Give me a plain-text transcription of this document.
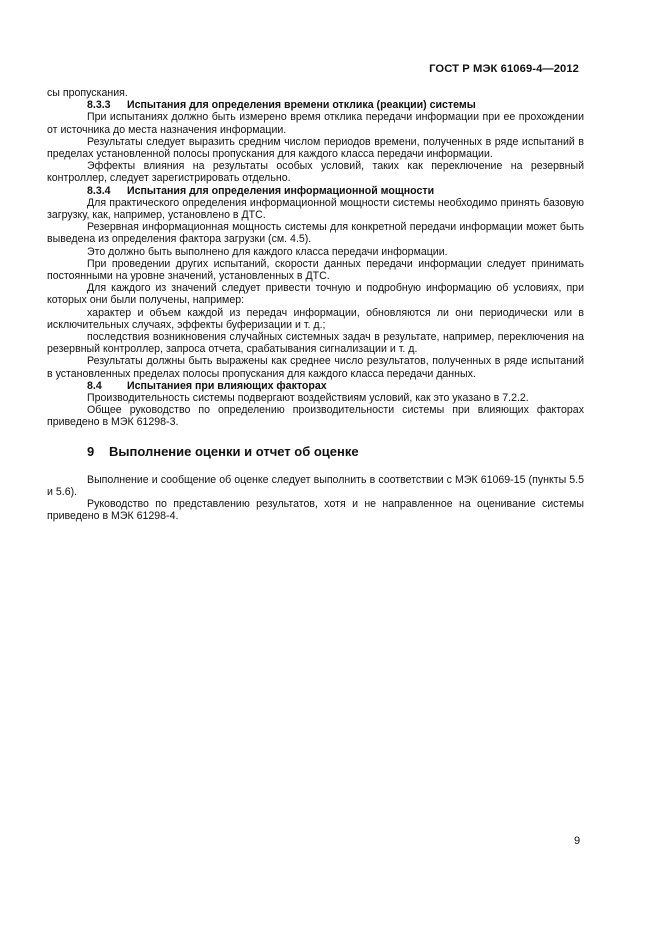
ГОСТ Р МЭК 61069-4—2012

сы пропускания.

8.3.3 Испытания для определения времени отклика (реакции) системы

При испытаниях должно быть измерено время отклика передачи информации при ее прохождении от источника до места назначения информации.

Результаты следует выразить средним числом периодов времени, полученных в ряде испытаний в пределах установленной полосы пропускания для каждого класса передачи информации.

Эффекты влияния на результаты особых условий, таких как переключение на резервный контроллер, следует зарегистрировать отдельно.

8.3.4 Испытания для определения информационной мощности

Для практического определения информационной мощности системы необходимо принять базовую загрузку, как, например, установлено в ДТС.

Резервная информационная мощность системы для конкретной передачи информации может быть выведена из определения фактора загрузки (см. 4.5).

Это должно быть выполнено для каждого класса передачи информации.

При проведении других испытаний, скорости данных передачи информации следует принимать постоянными на уровне значений, установленных в ДТС.

Для каждого из значений следует привести точную и подробную информацию об условиях, при которых они были получены, например:

характер и объем каждой из передач информации, обновляются ли они периодически или в исключительных случаях, эффекты буферизации и т. д.;

последствия возникновения случайных системных задач в результате, например, переключения на резервный контроллер, запроса отчета, срабатывания сигнализации и т. д.

Результаты должны быть выражены как среднее число результатов, полученных в ряде испытаний в установленных пределах полосы пропускания для каждого класса передачи данных.

8.4 Испытаниея при влияющих факторах

Производительность системы подвергают воздействиям условий, как это указано в 7.2.2.

Общее руководство по определению производительности системы при влияющих факторах приведено в МЭК 61298-3.

9 Выполнение оценки и отчет об оценке

Выполнение и сообщение об оценке следует выполнить в соответствии с МЭК 61069-15 (пункты 5.5 и 5.6).

Руководство по представлению результатов, хотя и не направленное на оценивание системы приведено в МЭК 61298-4.

9
